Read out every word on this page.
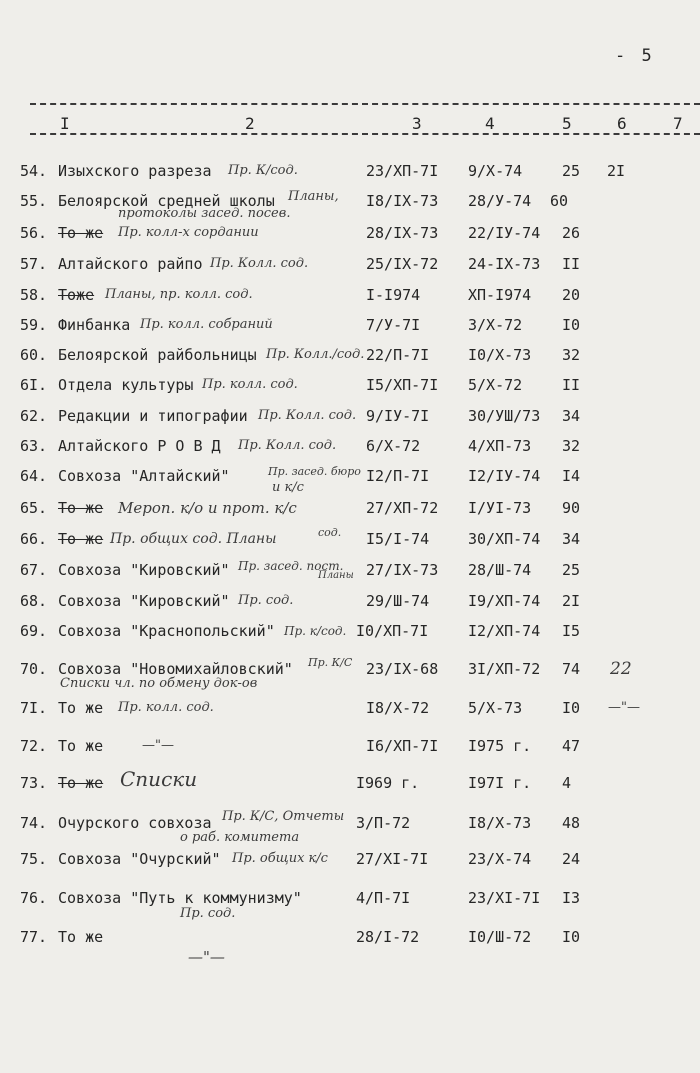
- 5
I	2	3	4	5	6	7
54. Изыхского разреза Пр. К/сод.	23/ХП-7I 9/Х-74	25 2I
55. Белоярской средней школы Планы, I8/IХ-73 28/У-74 60
протоколы засед. посев.
56. То же Пр. колл-х сордании	28/IХ-73 22/IУ-74 26
57. Алтайского райпо Пр. Колл. сод.	25/IХ-72 24-IХ-73 II
58. Тоже Планы, пр. колл. сод.	I-I974	ХП-I974 20
59. Финбанка Пр. колл. собраний	7/У-7I	3/Х-72	I0
60. Белоярской райбольницы Пр. Колл./сод. 22/П-7I	I0/Х-73 32
6I. Отдела культуры Пр. колл. сод.	I5/ХП-7I 5/Х-72	II
62. Редакции и типографии Пр. Колл. сод. 9/IУ-7I	30/УШ/73 34
63. Алтайского Р О В Д Пр. Колл. сод. 6/Х-72	4/ХП-73 32
64. Совхоза "Алтайский"	Пр. засед. бюро I2/П-7I	I2/IУ-74 I4
и к/с
65. То же Мероп. к/о и прот. к/с	27/ХП-72 I/УI-73 90
66. То же Пр. общих сод. Планы	I5/I-74	30/ХП-74 34
сод.
67. Совхоза "Кировский" Пр. засед. пост. 27/IХ-73 28/Ш-74 25
Планы
68. Совхоза "Кировский" Пр. сод.	29/Ш-74	I9/ХП-74 2I
69. Совхоза "Краснопольский" Пр. к/сод. I0/ХП-7I	I2/ХП-74 I5
70. Совхоза "Новомихайловский" Пр. К/С 23/IХ-68 3I/ХП-72 74 22
Списки чл. по обмену док-ов
7I. То же Пр. колл. сод.	I8/Х-72	5/Х-73	I0 —"—
72. То же	—"—	I6/ХП-7I I975 г. 47
73. То же Списки	I969 г.	I97I г. 4
74. Очурского совхоза Пр. К/С, Отчеты 3/П-72	I8/Х-73 48
о раб. комитета
75. Совхоза "Очурский" Пр. общих к/с 27/ХI-7I	23/Х-74 24
76. Совхоза "Путь к коммунизму"	4/П-7I	23/ХI-7I I3
Пр. сод.
77. То же	28/I-72	I0/Ш-72 I0
—"—
